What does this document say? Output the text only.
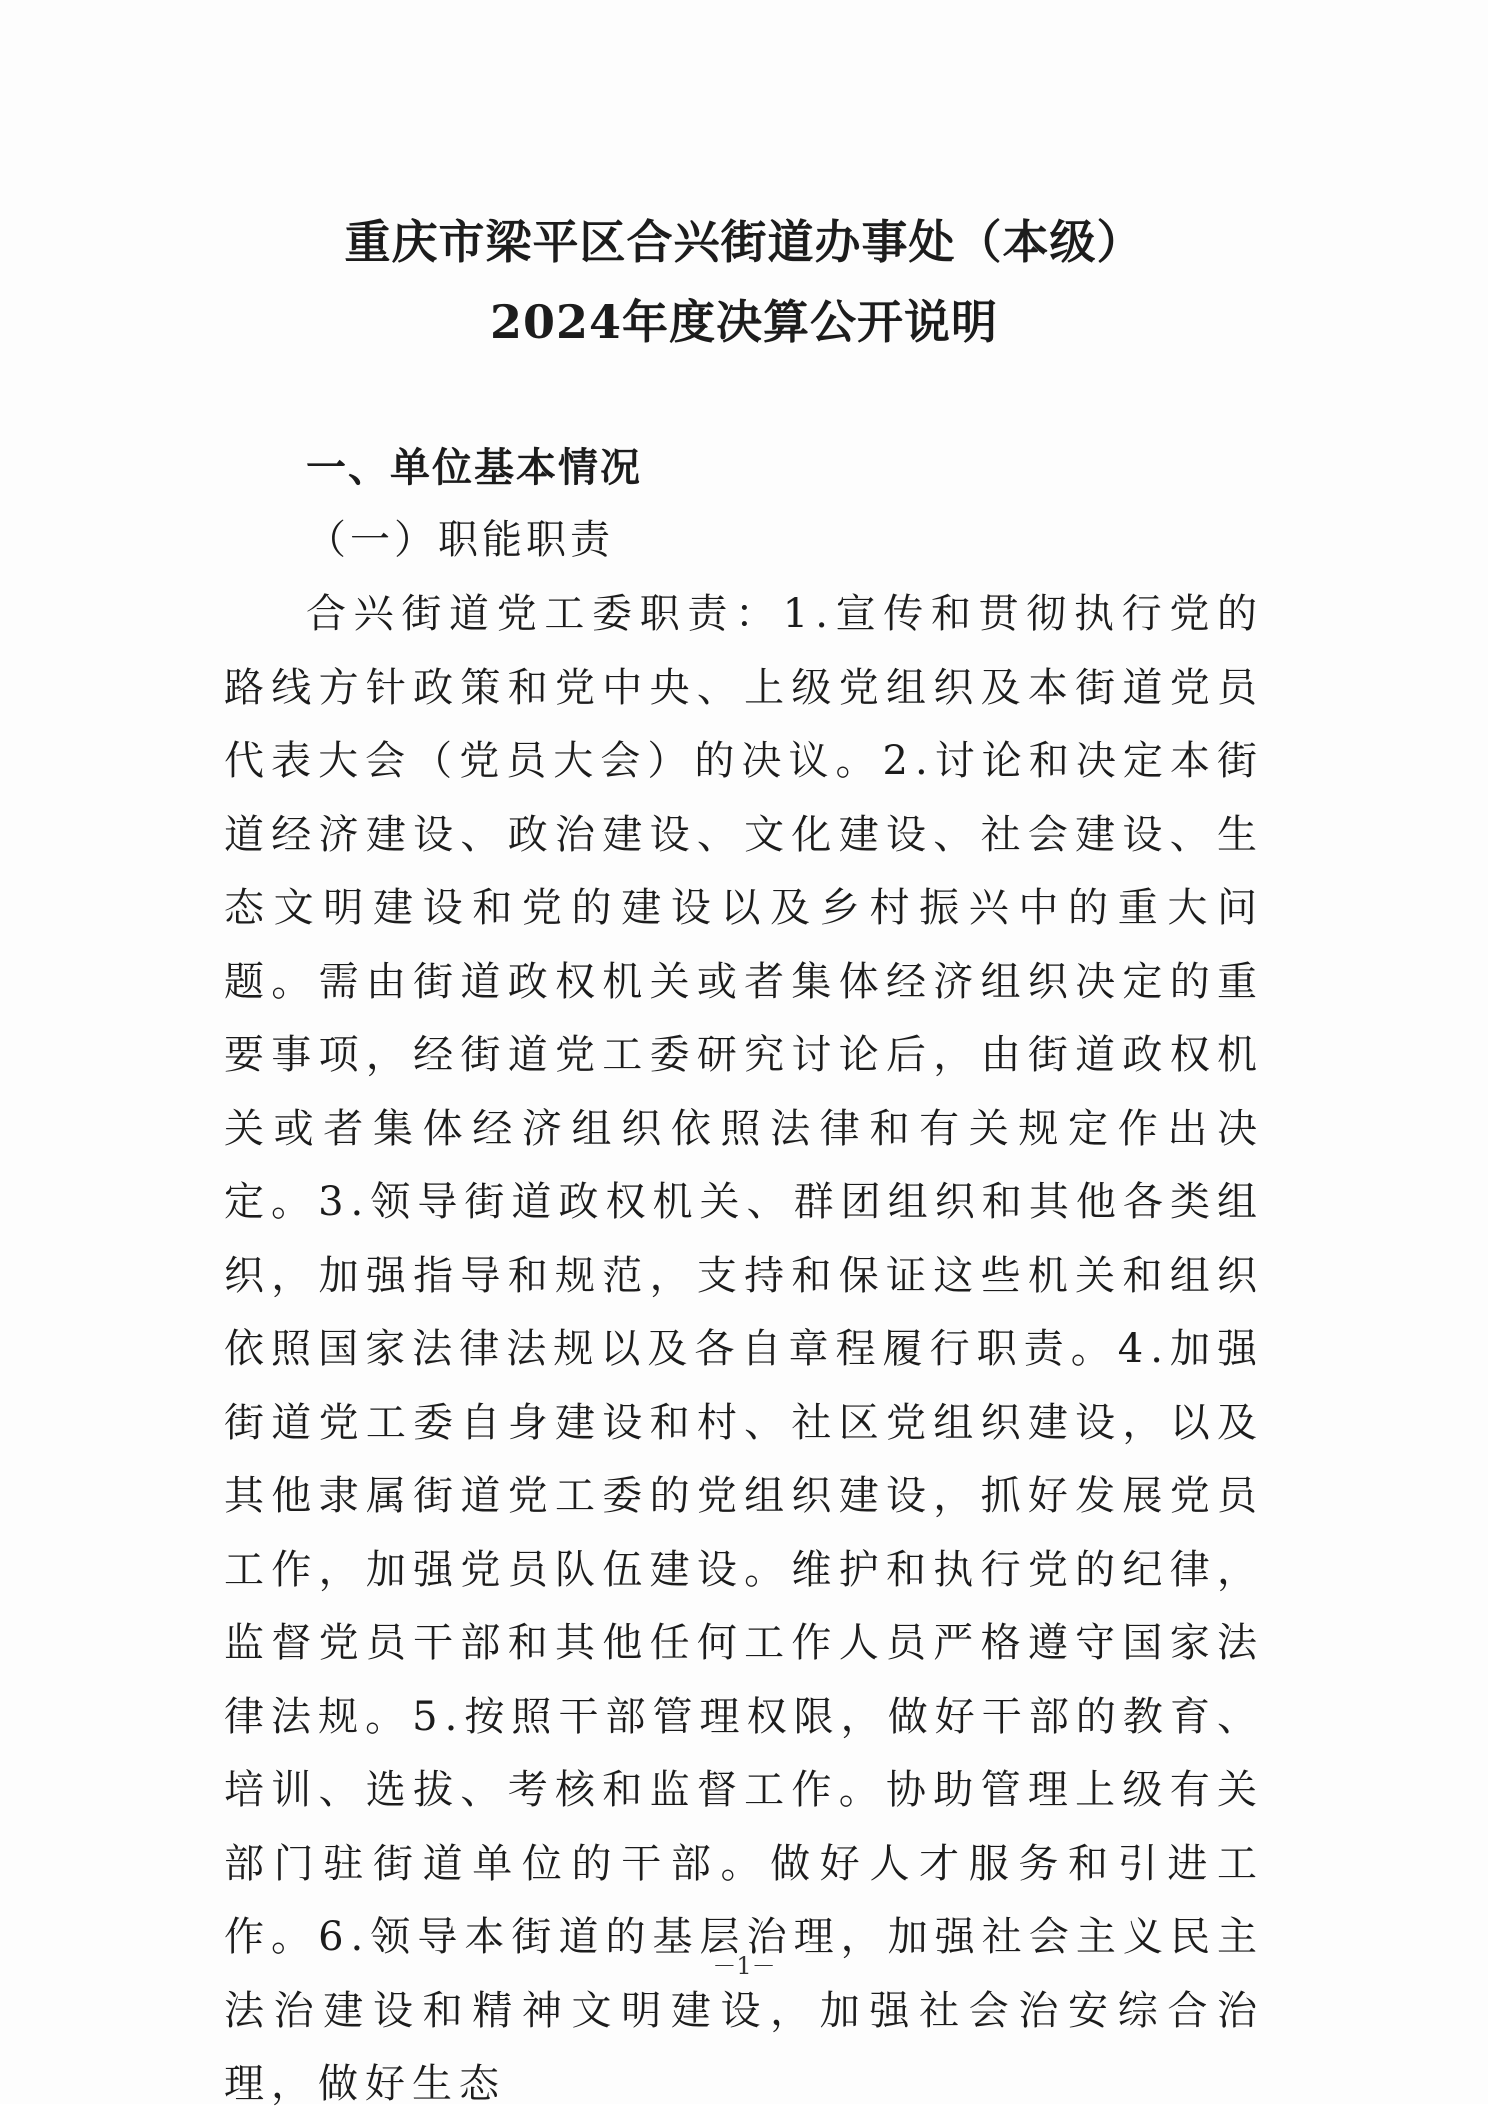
重庆市梁平区合兴街道办事处（本级）
2024年度决算公开说明
一、单位基本情况
（一）职能职责

合兴街道党工委职责：1.宣传和贯彻执行党的路线方针政策和党中央、上级党组织及本街道党员代表大会（党员大会）的决议。2.讨论和决定本街道经济建设、政治建设、文化建设、社会建设、生态文明建设和党的建设以及乡村振兴中的重大问题。需由街道政权机关或者集体经济组织决定的重要事项，经街道党工委研究讨论后，由街道政权机关或者集体经济组织依照法律和有关规定作出决定。3.领导街道政权机关、群团组织和其他各类组织，加强指导和规范，支持和保证这些机关和组织依照国家法律法规以及各自章程履行职责。4.加强街道党工委自身建设和村、社区党组织建设，以及其他隶属街道党工委的党组织建设，抓好发展党员工作，加强党员队伍建设。维护和执行党的纪律，监督党员干部和其他任何工作人员严格遵守国家法律法规。5.按照干部管理权限，做好干部的教育、培训、选拔、考核和监督工作。协助管理上级有关部门驻街道单位的干部。做好人才服务和引进工作。6.领导本街道的基层治理，加强社会主义民主法治建设和精神文明建设，加强社会治安综合治理，做好生态

－1－
